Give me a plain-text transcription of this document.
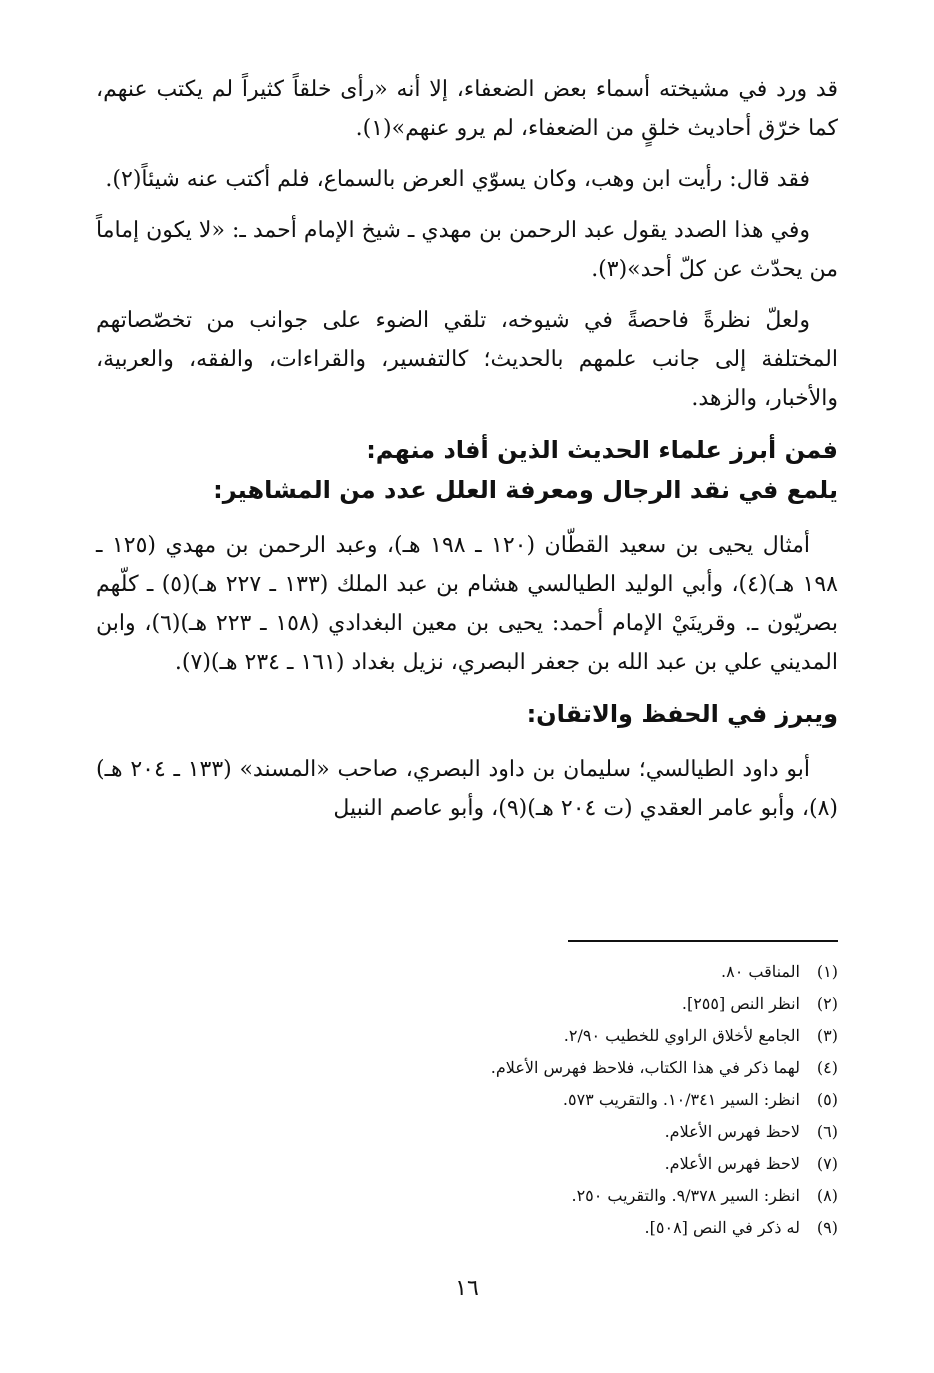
قد ورد في مشيخته أسماء بعض الضعفاء، إلا أنه «رأى خلقاً كثيراً لم يكتب عنهم، كما خرّق أحاديث خلقٍ من الضعفاء، لم يرو عنهم»(١).

فقد قال: رأيت ابن وهب، وكان يسوّي العرض بالسماع، فلم أكتب عنه شيئاً(٢).

وفي هذا الصدد يقول عبد الرحمن بن مهدي ـ شيخ الإمام أحمد ـ: «لا يكون إماماً من يحدّث عن كلّ أحد»(٣).

ولعلّ نظرةً فاحصةً في شيوخه، تلقي الضوء على جوانب من تخصّصاتهم المختلفة إلى جانب علمهم بالحديث؛ كالتفسير، والقراءات، والفقه، والعربية، والأخبار، والزهد.

فمن أبرز علماء الحديث الذين أفاد منهم:
يلمع في نقد الرجال ومعرفة العلل عدد من المشاهير:

أمثال يحيى بن سعيد القطّان (١٢٠ ـ ١٩٨ هـ)، وعبد الرحمن بن مهدي (١٢٥ ـ ١٩٨ هـ)(٤)، وأبي الوليد الطيالسي هشام بن عبد الملك (١٣٣ ـ ٢٢٧ هـ)(٥) ـ كلّهم بصريّون ـ. وقرينَيْ الإمام أحمد: يحيى بن معين البغدادي (١٥٨ ـ ٢٢٣ هـ)(٦)، وابن المديني علي بن عبد الله بن جعفر البصري، نزيل بغداد (١٦١ ـ ٢٣٤ هـ)(٧).

ويبرز في الحفظ والاتقان:

أبو داود الطيالسي؛ سليمان بن داود البصري، صاحب «المسند» (١٣٣ ـ ٢٠٤ هـ)(٨)، وأبو عامر العقدي (ت ٢٠٤ هـ)(٩)، وأبو عاصم النبيل

(١)
المناقب ٨٠.
(٢)
انظر النص [٢٥٥].
(٣)
الجامع لأخلاق الراوي للخطيب ٢/٩٠.
(٤)
لهما ذكر في هذا الكتاب، فلاحظ فهرس الأعلام.
(٥)
انظر: السير ١٠/٣٤١. والتقريب ٥٧٣.
(٦)
لاحظ فهرس الأعلام.
(٧)
لاحظ فهرس الأعلام.
(٨)
انظر: السير ٩/٣٧٨. والتقريب ٢٥٠.
(٩)
له ذكر في النص [٥٠٨].
١٦
